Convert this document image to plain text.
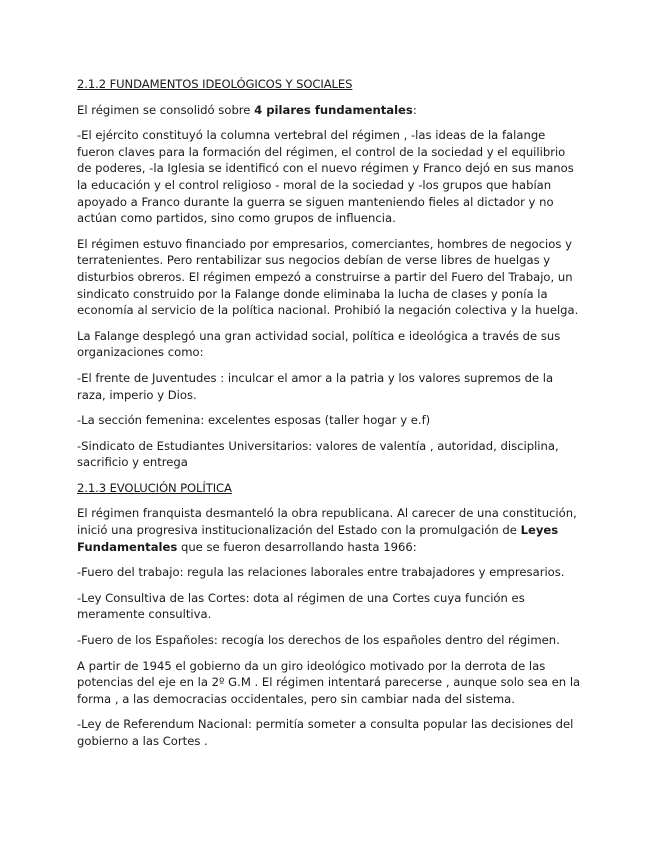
2.1.2 FUNDAMENTOS IDEOLÓGICOS Y SOCIALES

El régimen se consolidó sobre 4 pilares fundamentales:

-El ejército constituyó la columna vertebral del régimen , -las ideas de la falange fueron claves para la formación del régimen, el control de la sociedad y el equilibrio de poderes, -la Iglesia se identificó con el nuevo régimen y Franco dejó en sus manos la educación y el control religioso - moral de la sociedad y -los grupos que habían apoyado a Franco durante la guerra se siguen manteniendo fieles al dictador y no actúan como partidos, sino como grupos de influencia.

El régimen estuvo financiado por empresarios, comerciantes, hombres de negocios y terratenientes. Pero rentabilizar sus negocios debían de verse libres de huelgas y disturbios obreros. El régimen empezó a construirse a partir del Fuero del Trabajo, un sindicato construido por la Falange donde eliminaba la lucha de clases y ponía la economía al servicio de la política nacional. Prohibió la negación colectiva y la huelga.

La Falange desplegó una gran actividad social, política e ideológica a través de sus organizaciones como:

-El frente de Juventudes : inculcar el amor a la patria y los valores supremos de la raza, imperio y Dios.

-La sección femenina: excelentes esposas (taller hogar y e.f)

-Sindicato de Estudiantes Universitarios: valores de valentía , autoridad, disciplina, sacrificio y entrega

2.1.3 EVOLUCIÓN POLÍTICA

El régimen franquista desmanteló la obra republicana. Al carecer de una constitución, inició una progresiva institucionalización del Estado con la promulgación de Leyes Fundamentales que se fueron desarrollando hasta 1966:

-Fuero del trabajo: regula las relaciones laborales entre trabajadores y empresarios.

-Ley Consultiva de las Cortes: dota al régimen de una Cortes cuya función es meramente consultiva.

-Fuero de los Españoles: recogía los derechos de los españoles dentro del régimen.

A partir de 1945 el gobierno da un giro ideológico motivado por la derrota de las potencias del eje en la 2º G.M . El régimen intentará parecerse , aunque solo sea en la forma , a las democracias occidentales, pero sin cambiar nada del sistema.

-Ley de Referendum Nacional: permitía someter a consulta popular las decisiones del gobierno a las Cortes .
